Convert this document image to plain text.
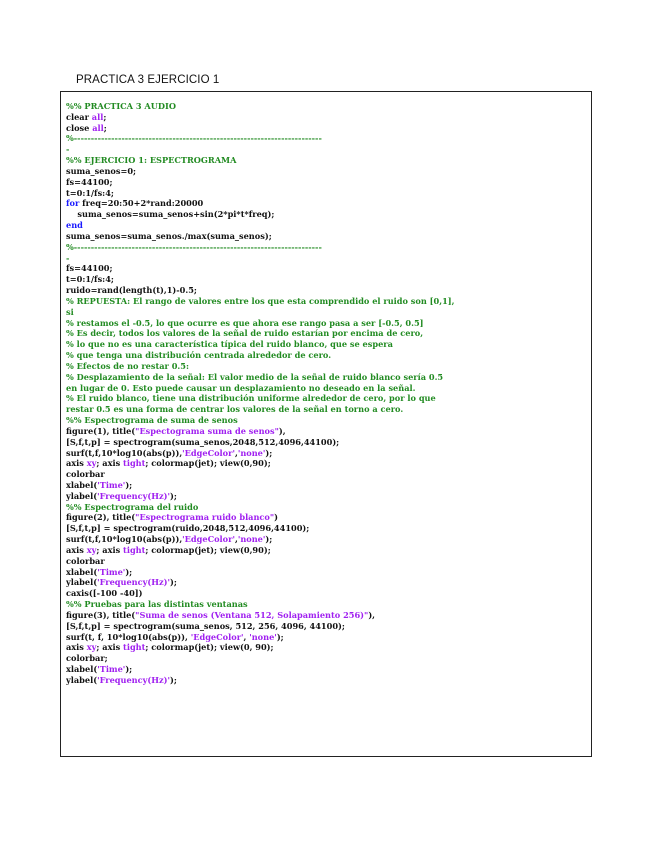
PRACTICA 3 EJERCICIO 1
%% PRACTICA 3 AUDIO
clear all;
close all;
%-------------------------------------------------------------------------
-
%% EJERCICIO 1: ESPECTROGRAMA
suma_senos=0;
fs=44100;
t=0:1/fs:4;
for freq=20:50+2*rand:20000
suma_senos=suma_senos+sin(2*pi*t*freq);
end
suma_senos=suma_senos./max(suma_senos);
%-------------------------------------------------------------------------
-
fs=44100;
t=0:1/fs:4;
ruido=rand(length(t),1)-0.5;
% REPUESTA: El rango de valores entre los que esta comprendido el ruido son [0,1],
si
% restamos el -0.5, lo que ocurre es que ahora ese rango pasa a ser [-0.5, 0.5]
% Es decir, todos los valores de la señal de ruido estarían por encima de cero,
% lo que no es una característica típica del ruido blanco, que se espera
% que tenga una distribución centrada alrededor de cero.
% Efectos de no restar 0.5:
% Desplazamiento de la señal: El valor medio de la señal de ruido blanco sería 0.5
en lugar de 0. Esto puede causar un desplazamiento no deseado en la señal.
% El ruido blanco, tiene una distribución uniforme alrededor de cero, por lo que
restar 0.5 es una forma de centrar los valores de la señal en torno a cero.
%% Espectrograma de suma de senos
figure(1), title("Espectograma suma de senos"),
[S,f,t,p] = spectrogram(suma_senos,2048,512,4096,44100);
surf(t,f,10*log10(abs(p)),'EdgeColor','none');
axis xy; axis tight; colormap(jet); view(0,90);
colorbar
xlabel('Time');
ylabel('Frequency(Hz)');
%% Espectrograma del ruido
figure(2), title("Espectrograma ruido blanco")
[S,f,t,p] = spectrogram(ruido,2048,512,4096,44100);
surf(t,f,10*log10(abs(p)),'EdgeColor','none');
axis xy; axis tight; colormap(jet); view(0,90);
colorbar
xlabel('Time');
ylabel('Frequency(Hz)');
caxis([-100 -40])
%% Pruebas para las distintas ventanas
figure(3), title("Suma de senos (Ventana 512, Solapamiento 256)"),
[S,f,t,p] = spectrogram(suma_senos, 512, 256, 4096, 44100);
surf(t, f, 10*log10(abs(p)), 'EdgeColor', 'none');
axis xy; axis tight; colormap(jet); view(0, 90);
colorbar;
xlabel('Time');
ylabel('Frequency(Hz)');
